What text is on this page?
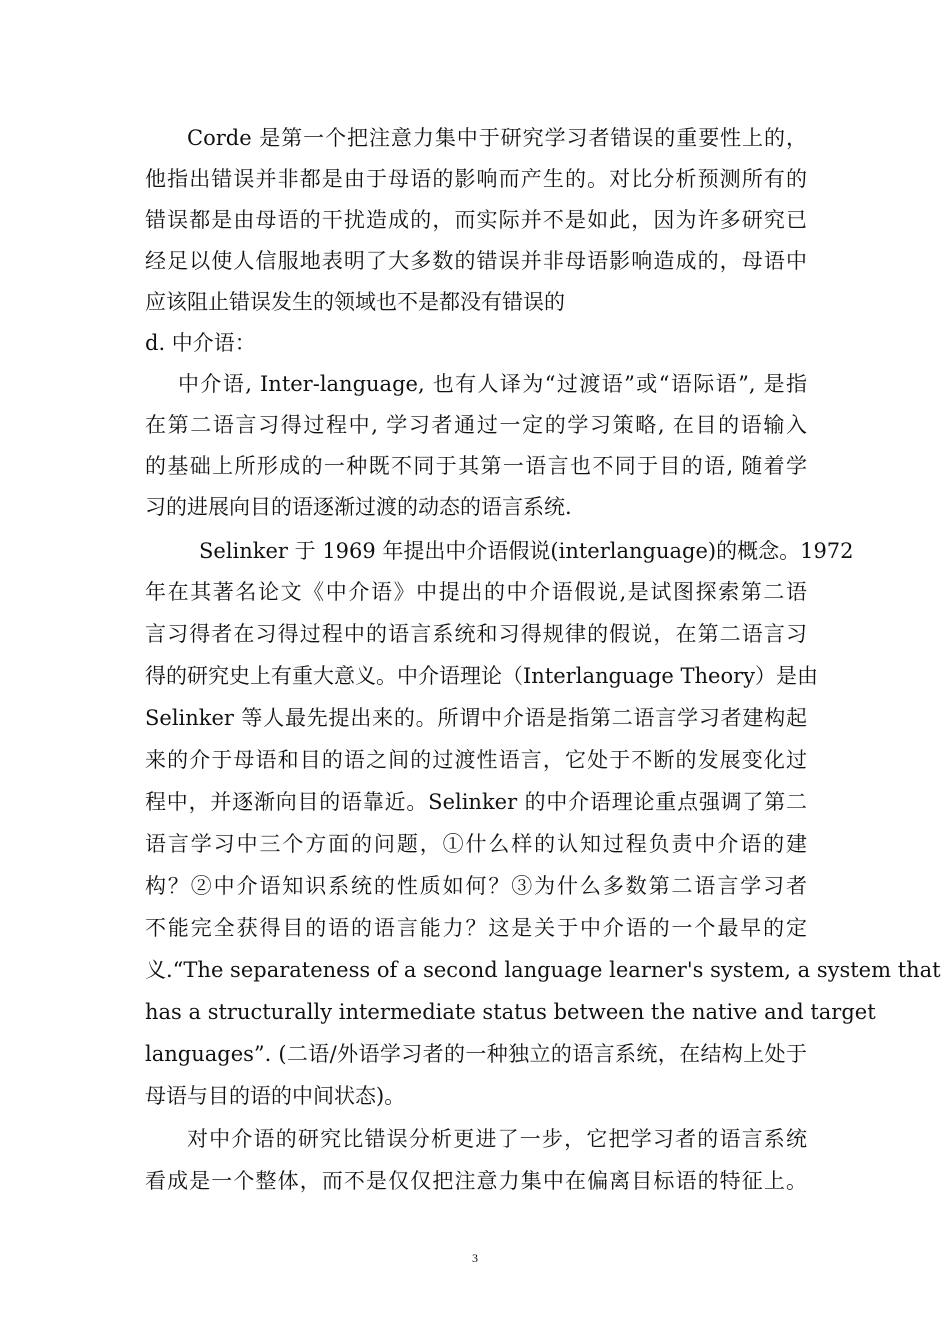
Corde 是第一个把注意力集中于研究学习者错误的重要性上的，
他指出错误并非都是由于母语的影响而产生的。对比分析预测所有的
错误都是由母语的干扰造成的，而实际并不是如此，因为许多研究已
经足以使人信服地表明了大多数的错误并非母语影响造成的，母语中
应该阻止错误发生的领域也不是都没有错误的
d. 中介语：
中介语, Inter-language, 也有人译为“过渡语”或“语际语”, 是指
在第二语言习得过程中, 学习者通过一定的学习策略, 在目的语输入
的基础上所形成的一种既不同于其第一语言也不同于目的语, 随着学
习的进展向目的语逐渐过渡的动态的语言系统.
Selinker 于 1969 年提出中介语假说(interlanguage)的概念。1972
年在其著名论文《中介语》中提出的中介语假说,是试图探索第二语
言习得者在习得过程中的语言系统和习得规律的假说，在第二语言习
得的研究史上有重大意义。中介语理论（Interlanguage Theory）是由
Selinker 等人最先提出来的。所谓中介语是指第二语言学习者建构起
来的介于母语和目的语之间的过渡性语言，它处于不断的发展变化过
程中，并逐渐向目的语靠近。Selinker 的中介语理论重点强调了第二
语言学习中三个方面的问题，①什么样的认知过程负责中介语的建
构？②中介语知识系统的性质如何？③为什么多数第二语言学习者
不能完全获得目的语的语言能力？这是关于中介语的一个最早的定
义.“The separateness of a second language learner's system, a system that
has a structurally intermediate status between the native and target
languages”. (二语/外语学习者的一种独立的语言系统，在结构上处于
母语与目的语的中间状态)。
对中介语的研究比错误分析更进了一步，它把学习者的语言系统
看成是一个整体，而不是仅仅把注意力集中在偏离目标语的特征上。
3
